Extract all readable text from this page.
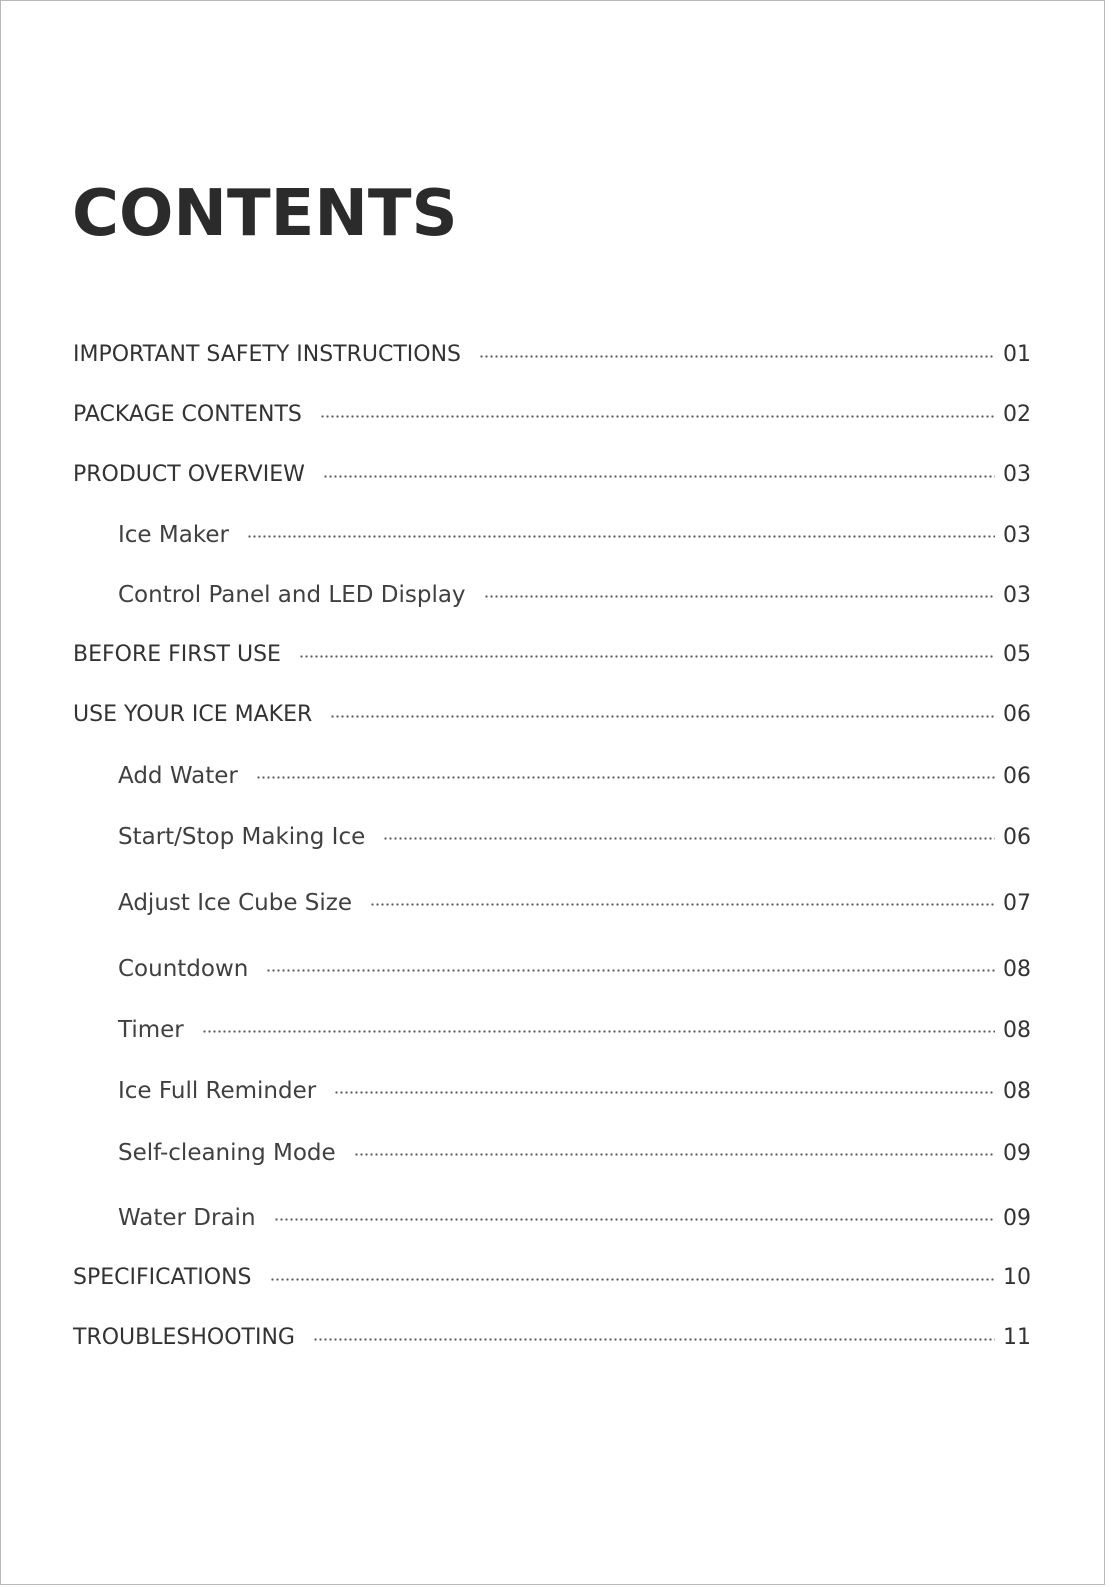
CONTENTS
IMPORTANT SAFETY INSTRUCTIONS	01
PACKAGE CONTENTS	02
PRODUCT OVERVIEW	03
Ice Maker	03
Control Panel and LED Display	03
BEFORE FIRST USE	05
USE YOUR ICE MAKER	06
Add Water	06
Start/Stop Making Ice	06
Adjust Ice Cube Size	07
Countdown	08
Timer	08
Ice Full Reminder	08
Self-cleaning Mode	09
Water Drain	09
SPECIFICATIONS	10
TROUBLESHOOTING	11
